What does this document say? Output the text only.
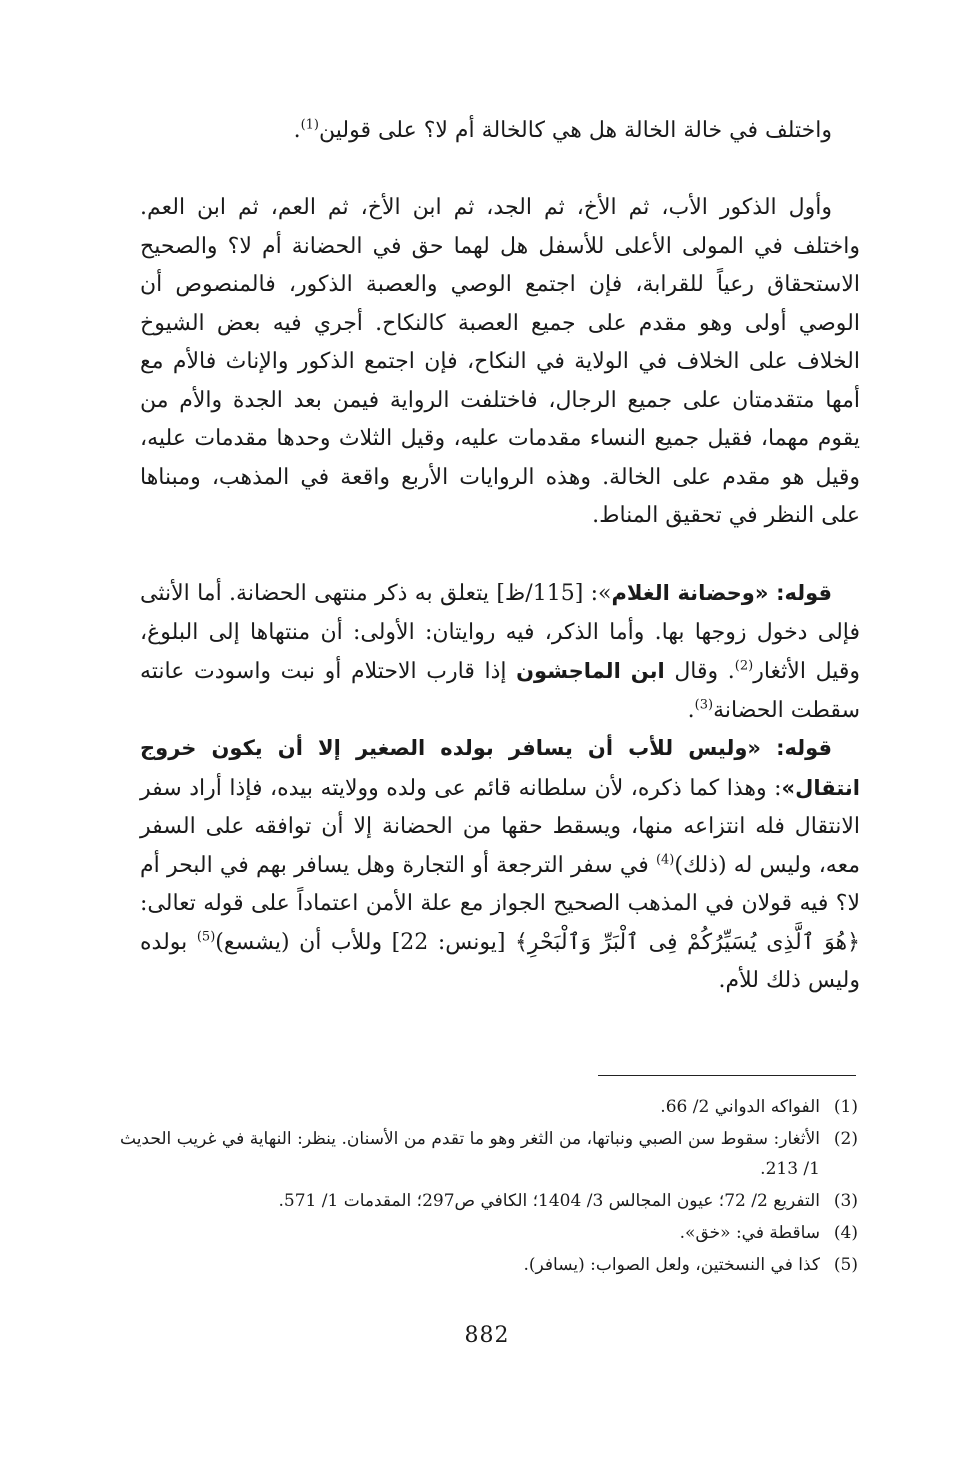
واختلف في خالة الخالة هل هي كالخالة أم لا؟ على قولين$^{(1)}$.

وأول الذكور الأب، ثم الأخ، ثم الجد، ثم ابن الأخ، ثم العم، ثم ابن العم. واختلف في المولى الأعلى للأسفل هل لهما حق في الحضانة أم لا؟ والصحيح الاستحقاق رعياً للقرابة، فإن اجتمع الوصي والعصبة الذكور، فالمنصوص أن الوصي أولى وهو مقدم على جميع العصبة كالنكاح. أجري فيه بعض الشيوخ الخلاف على الخلاف في الولاية في النكاح، فإن اجتمع الذكور والإناث فالأم مع أمها متقدمتان على جميع الرجال، فاختلفت الرواية فيمن بعد الجدة والأم من يقوم مهما، فقيل جميع النساء مقدمات عليه، وقيل الثلاث وحدها مقدمات عليه، وقيل هو مقدم على الخالة. وهذه الروايات الأربع واقعة في المذهب، ومبناها على النظر في تحقيق المناط.

قوله: «وحضانة الغلام»: [115/ظ] يتعلق به ذكر منتهى الحضانة. أما الأنثى فإلى دخول زوجها بها. وأما الذكر، فيه روايتان: الأولى: أن منتهاها إلى البلوغ، وقيل الأثغار$^{(2)}$. وقال ابن الماجشون إذا قارب الاحتلام أو نبت واسودت عانته سقطت الحضانة$^{(3)}$.

قوله: «وليس للأب أن يسافر بولده الصغير إلا أن يكون خروج انتقال»: وهذا كما ذكره، لأن سلطانه قائم عى ولده وولايته بيده، فإذا أراد سفر الانتقال فله انتزاعه منها، ويسقط حقها من الحضانة إلا أن توافقه على السفر معه، وليس له (ذلك)$^{(4)}$ في سفر الترجعة أو التجارة وهل يسافر بهم في البحر أم لا؟ فيه قولان في المذهب الصحيح الجواز مع علة الأمن اعتماداً على قوله تعالى: ﴿هُوَ ٱلَّذِى يُسَيِّرُكُمْ فِى ٱلْبَرِّ وَٱلْبَحْرِ﴾ [يونس: 22] وللأب أن (يشسع)$^{(5)}$ بولده وليس ذلك للأم.

(1)
الفواكه الدواني 2/ 66.
(2)
الأثغار: سقوط سن الصبي ونباتها، من الثغر وهو ما تقدم من الأسنان. ينظر: النهاية في غريب الحديث 1/ 213.
(3)
التفريع 2/ 72؛ عيون المجالس 3/ 1404؛ الكافي ص297؛ المقدمات 1/ 571.
(4)
ساقطة في: «خق».
(5)
كذا في النسختين، ولعل الصواب: (يسافر).
882
